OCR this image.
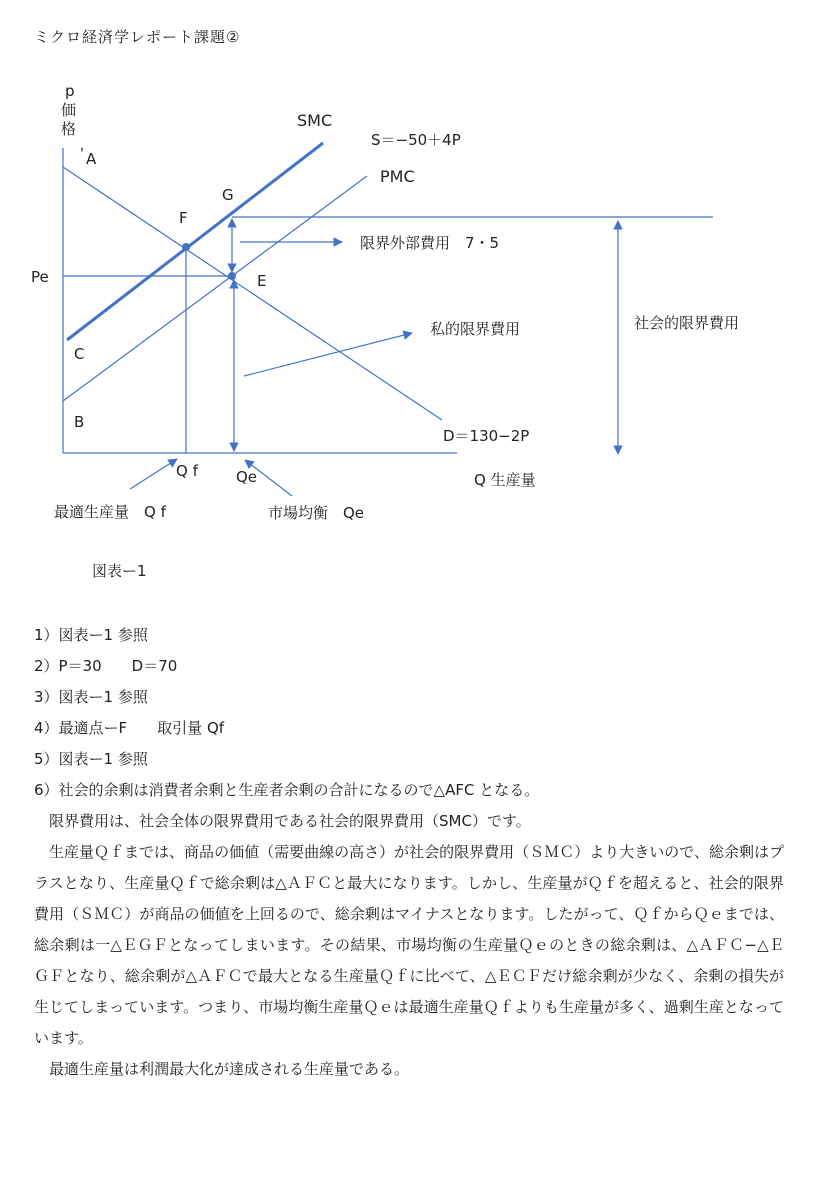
ミクロ経済学レポート課題②
p
価
格
' A
G
F
Pe	E
C
B
SMC
S＝−50＋4P
PMC
限界外部費用　7・5
社会的限界費用
私的限界費用
D＝130−2P
Q f	Qe	Q 生産量
最適生産量　Q f	市場均衡　Qe
図表ー1
1）図表ー1 参照
2）P＝30　　D＝70
3）図表ー1 参照
4）最適点ーF　　取引量 Qf
5）図表ー1 参照
6）社会的余剰は消費者余剰と生産者余剰の合計になるので△AFC となる。
限界費用は、社会全体の限界費用である社会的限界費用（SMC）です。
生産量Ｑｆまでは、商品の価値（需要曲線の高さ）が社会的限界費用（ＳＭＣ）より大きいので、総余剰はプラスとなり、生産量Ｑｆで総余剰は△ＡＦＣと最大になります。しかし、生産量がＱｆを超えると、社会的限界費用（ＳＭＣ）が商品の価値を上回るので、総余剰はマイナスとなります。したがって、ＱｆからＱｅまでは、総余剰は一△ＥＧＦとなってしまいます。その結果、市場均衡の生産量Ｑｅのときの総余剰は、△ＡＦＣ−△ＥＧＦとなり、総余剰が△ＡＦＣで最大となる生産量Ｑｆに比べて、△ＥＣＦだけ総余剰が少なく、余剰の損失が生じてしまっています。つまり、市場均衡生産量Ｑｅは最適生産量Ｑｆよりも生産量が多く、過剰生産となっています。
最適生産量は利潤最大化が達成される生産量である。
